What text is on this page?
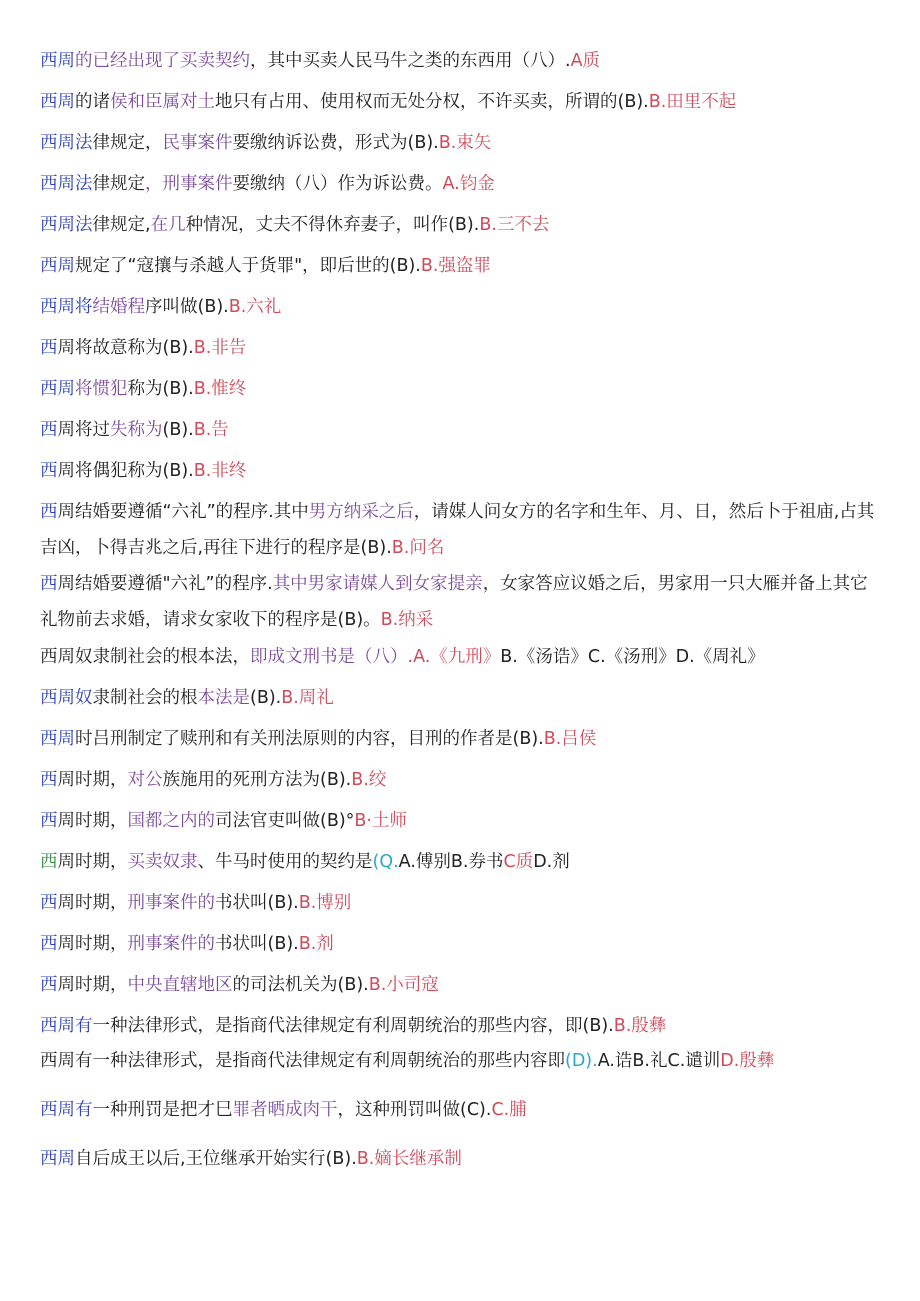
西周的已经出现了买卖契约，其中买卖人民马牛之类的东西用（八）.A质
西周的诸侯和臣属对土地只有占用、使用权而无处分权，不许买卖，所谓的(B).B.田里不起
西周法律规定，民事案件要缴纳诉讼费，形式为(B).B.束矢
西周法律规定，刑事案件要缴纳（八）作为诉讼费。A.钧金
西周法律规定,在几种情况，丈夫不得休弃妻子，叫作(B).B.三不去
西周规定了“寇攘与杀越人于货罪"，即后世的(B).B.强盗罪
西周将结婚程序叫做(B).B.六礼
西周将故意称为(B).B.非告
西周将惯犯称为(B).B.惟终
西周将过失称为(B).B.告
西周将偶犯称为(B).B.非终
西周结婚要遵循“六礼”的程序.其中男方纳采之后，请媒人问女方的名字和生年、月、日，然后卜于祖庙,占其吉凶，卜得吉兆之后,再往下进行的程序是(B).B.问名
西周结婚要遵循"六礼”的程序.其中男家请媒人到女家提亲，女家答应议婚之后，男家用一只大雁并备上其它礼物前去求婚，请求女家收下的程序是(B)。B.纳采
西周奴隶制社会的根本法，即成文刑书是（八）.A.《九刑》B.《汤诰》C.《汤刑》D.《周礼》
西周奴隶制社会的根本法是(B).B.周礼
西周时吕刑制定了赎刑和有关刑法原则的内容，目刑的作者是(B).B.吕侯
西周时期，对公族施用的死刑方法为(B).B.绞
西周时期，国都之内的司法官吏叫做(B)°B·土师
西周时期，买卖奴隶、牛马时使用的契约是(Q.A.傅别B.券书C质D.剂
西周时期，刑事案件的书状叫(B).B.博别
西周时期，刑事案件的书状叫(B).B.剂
西周时期，中央直辖地区的司法机关为(B).B.小司寇
西周有一种法律形式，是指商代法律规定有利周朝统治的那些内容，即(B).B.殷彝
西周有一种法律形式，是指商代法律规定有利周朝统治的那些内容即(D).A.诰B.礼C.谴训D.殷彝
西周有一种刑罚是把才巳罪者晒成肉干，这种刑罚叫做(C).C.脯
西周自后成王以后,王位继承开始实行(B).B.嫡长继承制
